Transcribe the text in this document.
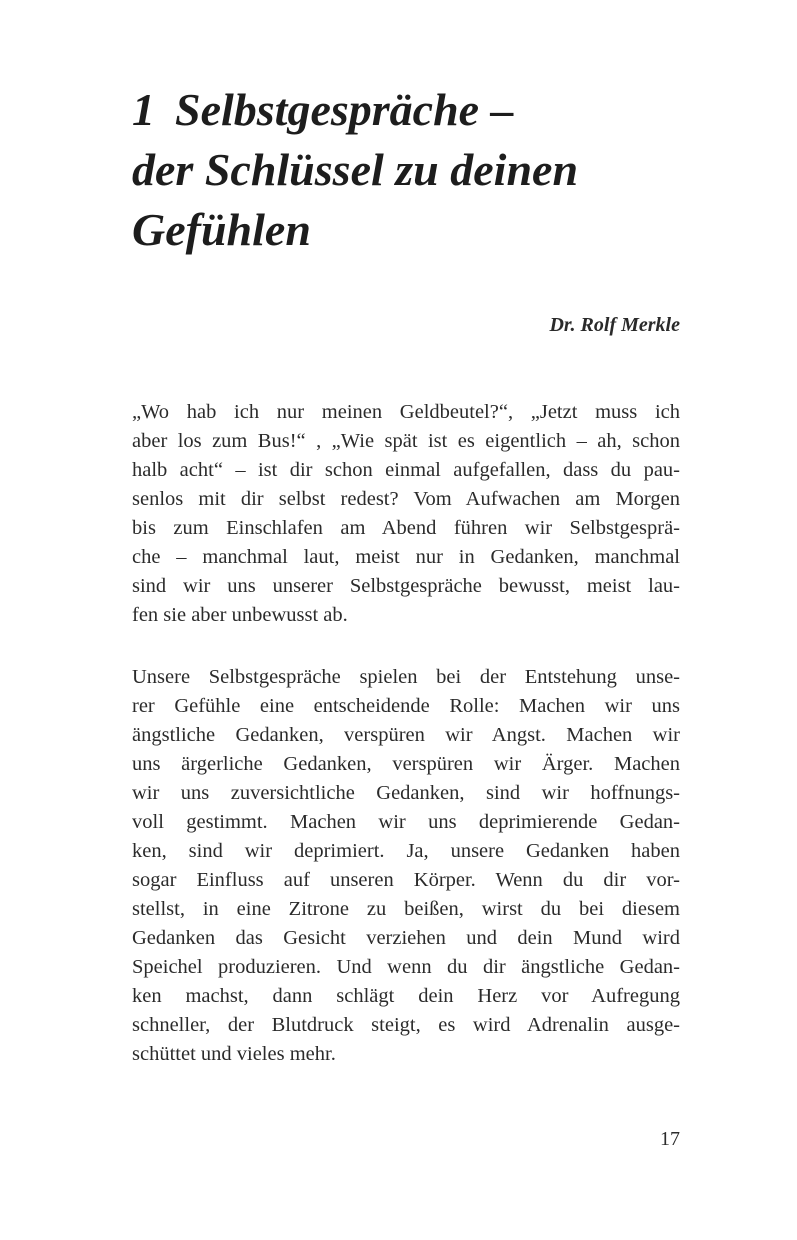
1 Selbstgespräche –
der Schlüssel zu deinen
Gefühlen
Dr. Rolf Merkle
„Wo hab ich nur meinen Geldbeutel?“, „Jetzt muss ich
aber los zum Bus!“ , „Wie spät ist es eigentlich – ah, schon
halb acht“ – ist dir schon einmal aufgefallen, dass du pau-
senlos mit dir selbst redest? Vom Aufwachen am Morgen
bis zum Einschlafen am Abend führen wir Selbstgesprä-
che – manchmal laut, meist nur in Gedanken, manchmal
sind wir uns unserer Selbstgespräche bewusst, meist lau-
fen sie aber unbewusst ab.
Unsere Selbstgespräche spielen bei der Entstehung unse-
rer Gefühle eine entscheidende Rolle: Machen wir uns
ängstliche Gedanken, verspüren wir Angst. Machen wir
uns ärgerliche Gedanken, verspüren wir Ärger. Machen
wir uns zuversichtliche Gedanken, sind wir hoffnungs-
voll gestimmt. Machen wir uns deprimierende Gedan-
ken, sind wir deprimiert. Ja, unsere Gedanken haben
sogar Einfluss auf unseren Körper. Wenn du dir vor-
stellst, in eine Zitrone zu beißen, wirst du bei diesem
Gedanken das Gesicht verziehen und dein Mund wird
Speichel produzieren. Und wenn du dir ängstliche Gedan-
ken machst, dann schlägt dein Herz vor Aufregung
schneller, der Blutdruck steigt, es wird Adrenalin ausge-
schüttet und vieles mehr.
17
